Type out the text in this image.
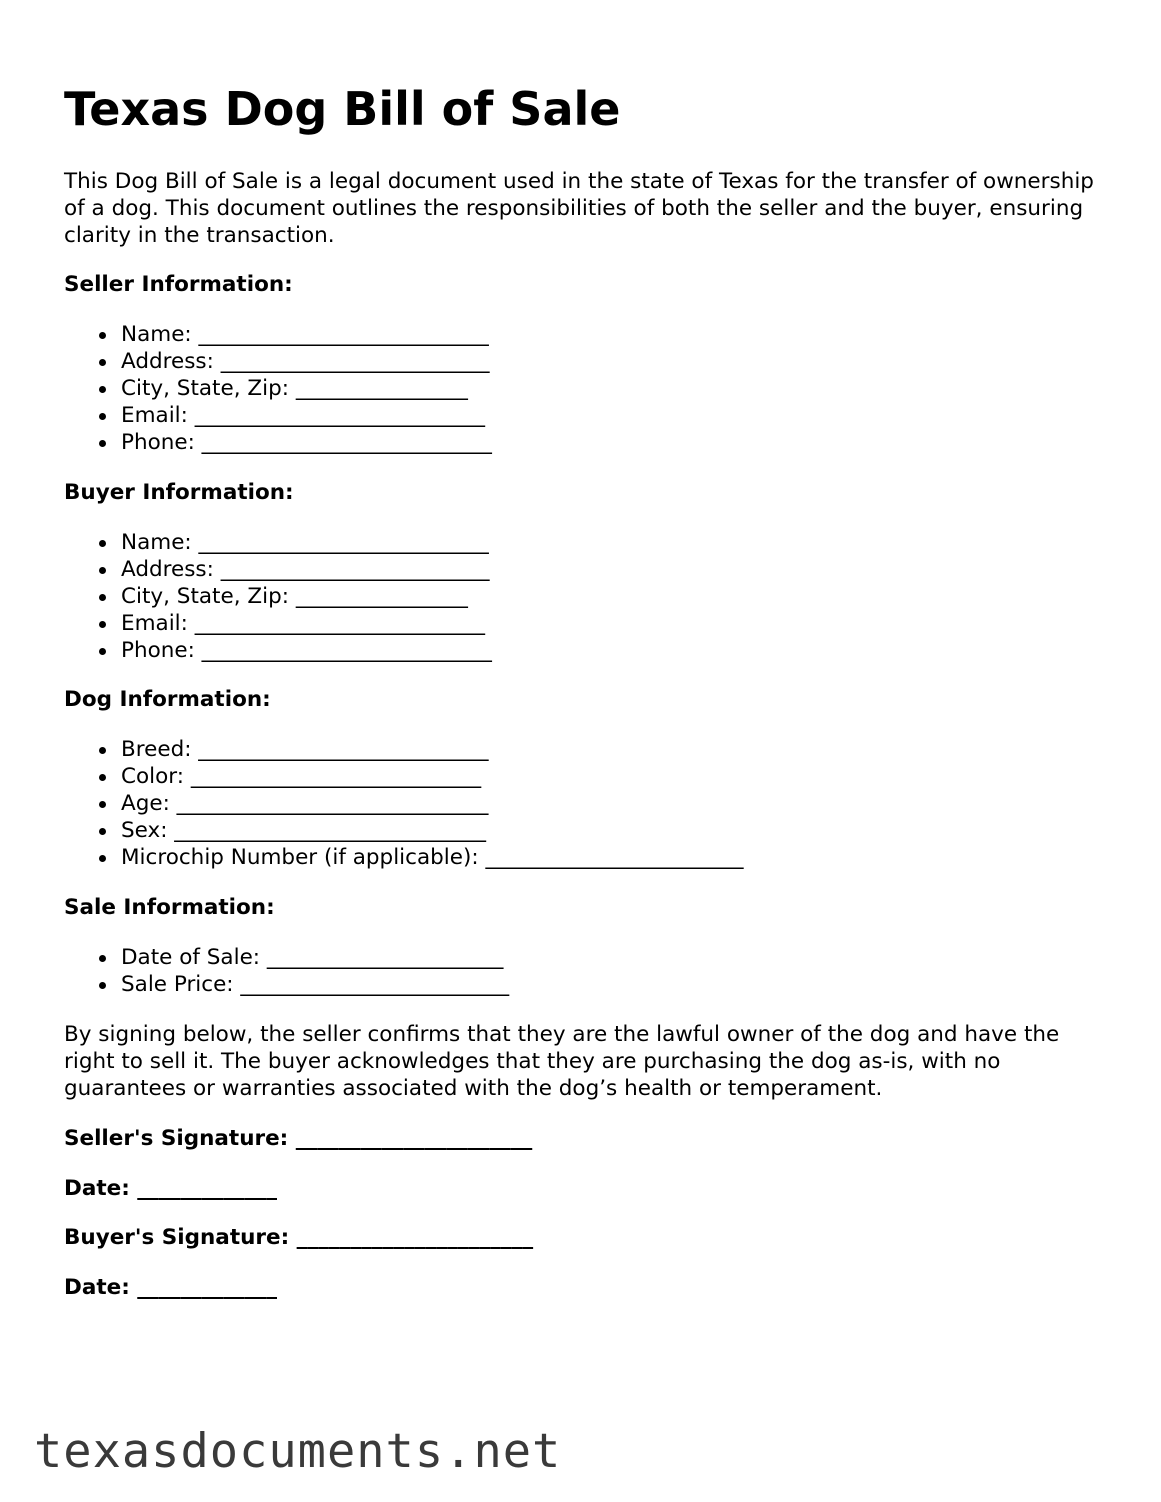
Texas Dog Bill of Sale

This Dog Bill of Sale is a legal document used in the state of Texas for the transfer of ownership of a dog. This document outlines the responsibilities of both the seller and the buyer, ensuring clarity in the transaction.

Seller Information:
Name: ___________________________
Address: _________________________
City, State, Zip: ________________
Email: ___________________________
Phone: ___________________________
Buyer Information:
Name: ___________________________
Address: _________________________
City, State, Zip: ________________
Email: ___________________________
Phone: ___________________________
Dog Information:
Breed: ___________________________
Color: ___________________________
Age: _____________________________
Sex: _____________________________
Microchip Number (if applicable): ________________________
Sale Information:
Date of Sale: ______________________
Sale Price: _________________________

By signing below, the seller confirms that they are the lawful owner of the dog and have the right to sell it. The buyer acknowledges that they are purchasing the dog as-is, with no guarantees or warranties associated with the dog’s health or temperament.

Seller's Signature: ______________________
Date: _____________
Buyer's Signature: ______________________
Date: _____________
texasdocuments.net
